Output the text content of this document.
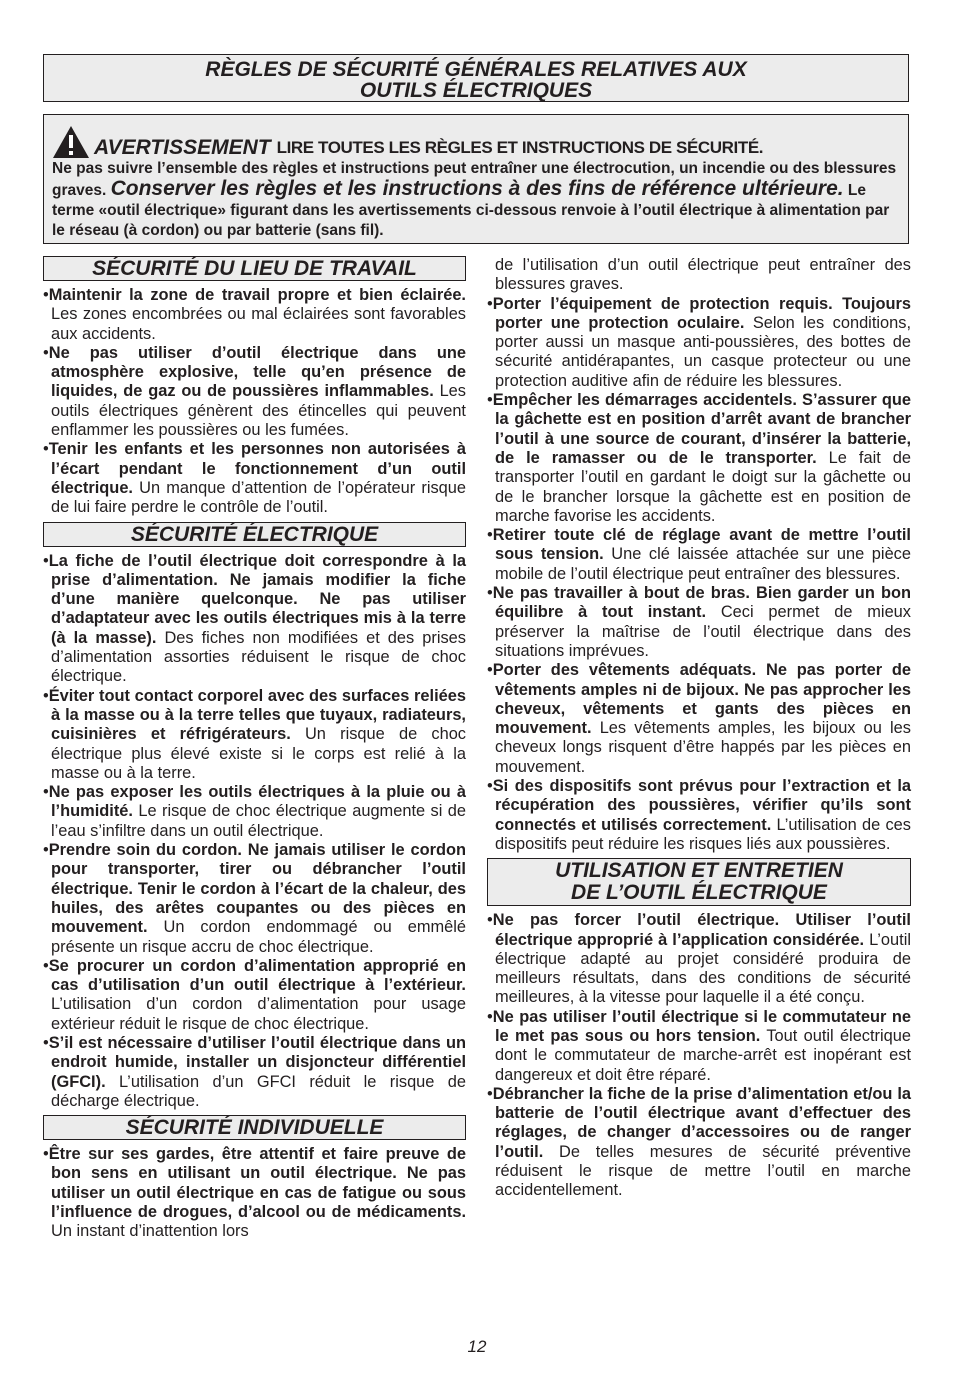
RÈGLES DE SÉCURITÉ GÉNÉRALES RELATIVES AUX
OUTILS ÉLECTRIQUES
AVERTISSEMENT LIRE TOUTES LES RÈGLES ET INSTRUCTIONS DE SÉCURITÉ.
Ne pas suivre l’ensemble des règles et instructions peut entraîner une électrocution, un incendie ou des blessures graves. Conserver les règles et les instructions à des fins de référence ultérieure. Le terme «outil électrique» figurant dans les avertissements ci-dessous renvoie à l’outil électrique à alimentation par le réseau (à cordon) ou par batterie (sans fil).
SÉCURITÉ DU LIEU DE TRAVAIL

•Maintenir la zone de travail propre et bien éclairée. Les zones encombrées ou mal éclairées sont favorables aux accidents.

•Ne pas utiliser d’outil électrique dans une atmosphère explosive, telle qu’en présence de liquides, de gaz ou de poussières inflammables. Les outils électriques génèrent des étincelles qui peuvent enflammer les poussières ou les fumées.

•Tenir les enfants et les personnes non autorisées à l’écart pendant le fonctionnement d’un outil électrique. Un manque d’attention de l’opérateur risque de lui faire perdre le contrôle de l’outil.

SÉCURITÉ ÉLECTRIQUE

•La fiche de l’outil électrique doit correspondre à la prise d’alimentation. Ne jamais modifier la fiche d’une manière quelconque. Ne pas utiliser d’adaptateur avec les outils électriques mis à la terre (à la masse). Des fiches non modifiées et des prises d’alimentation assorties réduisent le risque de choc électrique.

•Éviter tout contact corporel avec des surfaces reliées à la masse ou à la terre telles que tuyaux, radiateurs, cuisinières et réfrigérateurs. Un risque de choc électrique plus élevé existe si le corps est relié à la masse ou à la terre.

•Ne pas exposer les outils électriques à la pluie ou à l’humidité. Le risque de choc électrique augmente si de l’eau s’infiltre dans un outil électrique.

•Prendre soin du cordon. Ne jamais utiliser le cordon pour transporter, tirer ou débrancher l’outil électrique. Tenir le cordon à l’écart de la chaleur, des huiles, des arêtes coupantes ou des pièces en mouvement. Un cordon endommagé ou emmêlé présente un risque accru de choc électrique.

•Se procurer un cordon d’alimentation approprié en cas d’utilisation d’un outil électrique à l’extérieur. L’utilisation d’un cordon d’alimentation pour usage extérieur réduit le risque de choc électrique.

•S’il est nécessaire d’utiliser l’outil électrique dans un endroit humide, installer un disjoncteur différentiel (GFCI). L’utilisation d’un GFCI réduit le risque de décharge électrique.

SÉCURITÉ INDIVIDUELLE

•Être sur ses gardes, être attentif et faire preuve de bon sens en utilisant un outil électrique. Ne pas utiliser un outil électrique en cas de fatigue ou sous l’influence de drogues, d’alcool ou de médicaments. Un instant d’inattention lors

de l’utilisation d’un outil électrique peut entraîner des blessures graves.

•Porter l’équipement de protection requis. Toujours porter une protection oculaire. Selon les conditions, porter aussi un masque anti-poussières, des bottes de sécurité antidérapantes, un casque protecteur ou une protection auditive afin de réduire les blessures.

•Empêcher les démarrages accidentels. S’assurer que la gâchette est en position d’arrêt avant de brancher l’outil à une source de courant, d’insérer la batterie, de le ramasser ou de le transporter. Le fait de transporter l’outil en gardant le doigt sur la gâchette ou de le brancher lorsque la gâchette est en position de marche favorise les accidents.

•Retirer toute clé de réglage avant de mettre l’outil sous tension. Une clé laissée attachée sur une pièce mobile de l’outil électrique peut entraîner des blessures.

•Ne pas travailler à bout de bras. Bien garder un bon équilibre à tout instant. Ceci permet de mieux préserver la maîtrise de l’outil électrique dans des situations imprévues.

•Porter des vêtements adéquats. Ne pas porter de vêtements amples ni de bijoux. Ne pas approcher les cheveux, vêtements et gants des pièces en mouvement. Les vêtements amples, les bijoux ou les cheveux longs risquent d’être happés par les pièces en mouvement.

•Si des dispositifs sont prévus pour l’extraction et la récupération des poussières, vérifier qu’ils sont connectés et utilisés correctement. L’utilisation de ces dispositifs peut réduire les risques liés aux poussières.

UTILISATION ET ENTRETIEN
DE L’OUTIL ÉLECTRIQUE

•Ne pas forcer l’outil électrique. Utiliser l’outil électrique approprié à l’application considérée. L’outil électrique adapté au projet considéré produira de meilleurs résultats, dans des conditions de sécurité meilleures, à la vitesse pour laquelle il a été conçu.

•Ne pas utiliser l’outil électrique si le commutateur ne le met pas sous ou hors tension. Tout outil électrique dont le commutateur de marche-arrêt est inopérant est dangereux et doit être réparé.

•Débrancher la fiche de la prise d’alimentation et/ou la batterie de l’outil électrique avant d’effectuer des réglages, de changer d’accessoires ou de ranger l’outil. De telles mesures de sécurité préventive réduisent le risque de mettre l’outil en marche accidentellement.

12
